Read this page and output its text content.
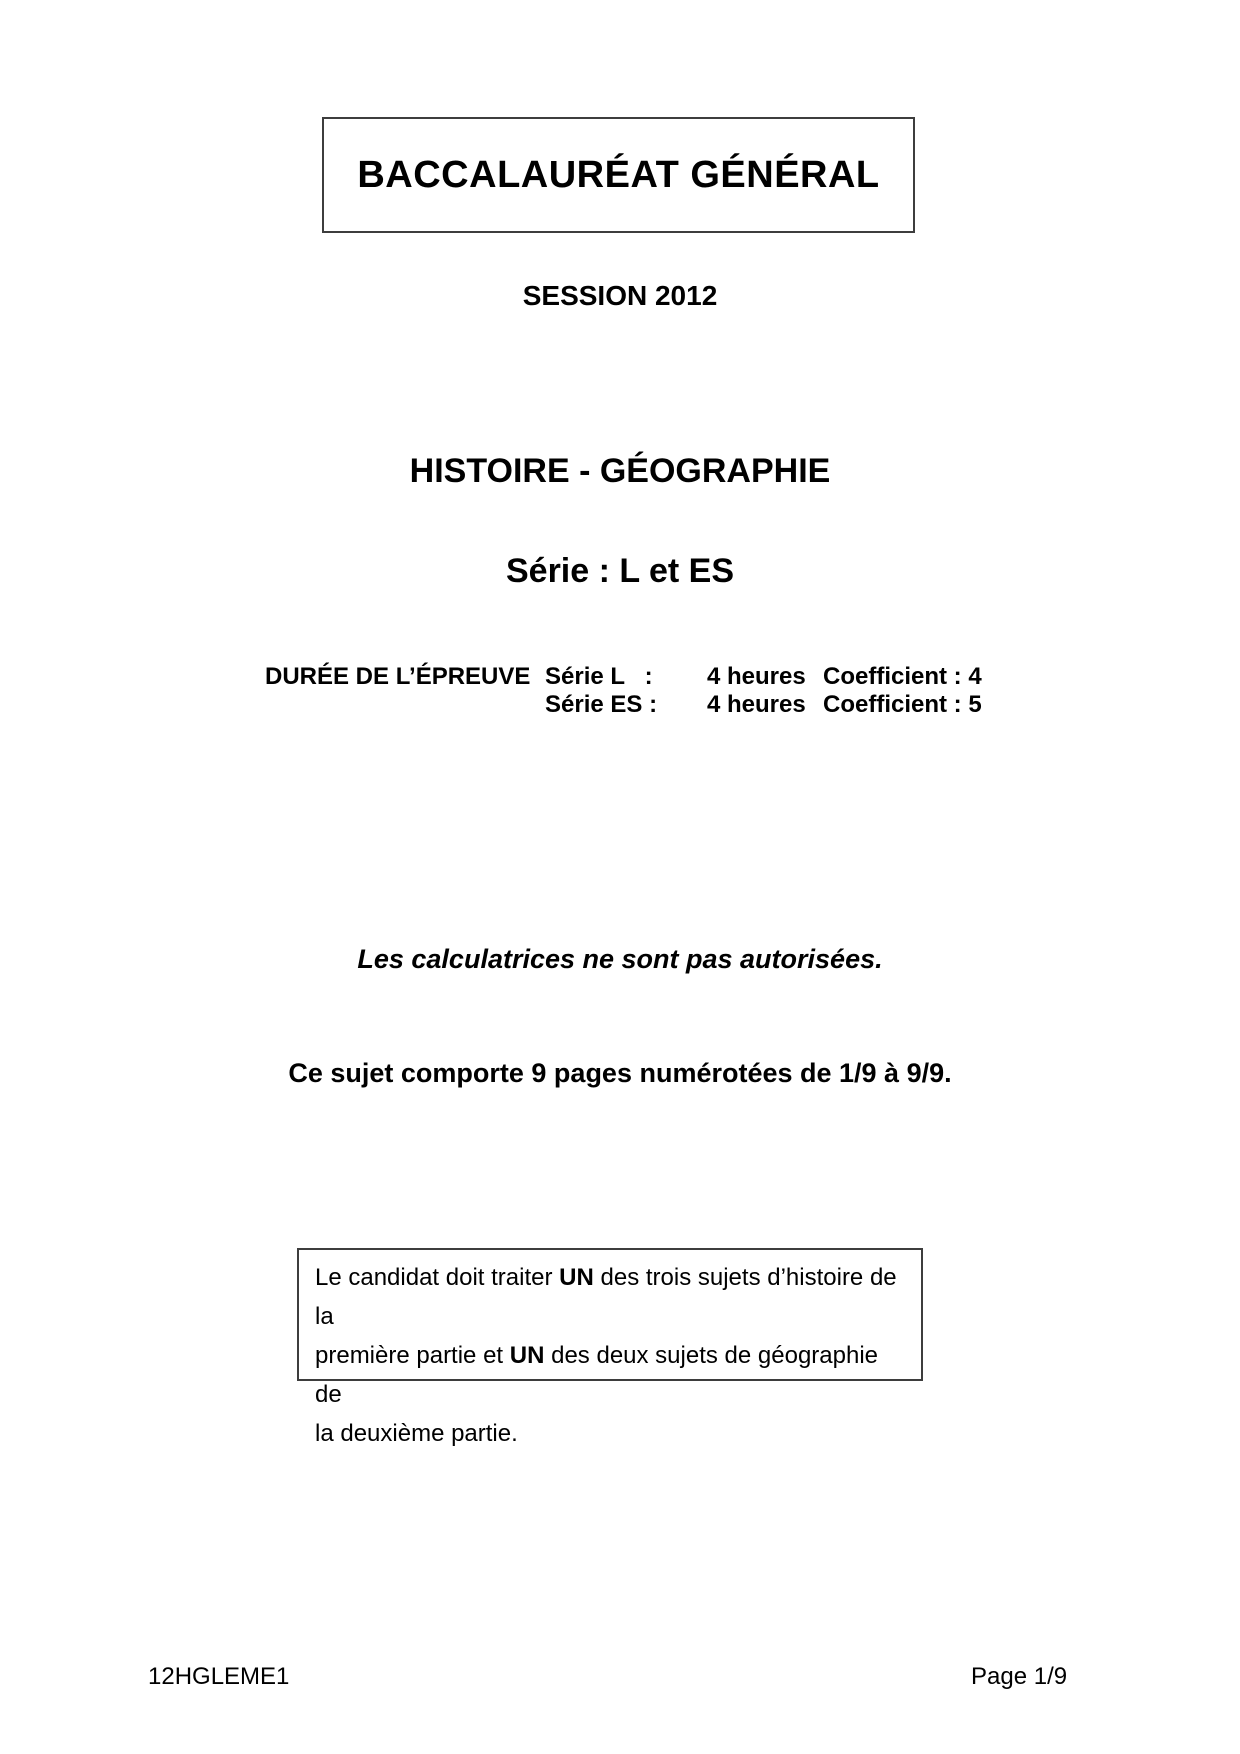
BACCALAURÉAT GÉNÉRAL
SESSION 2012
HISTOIRE - GÉOGRAPHIE
Série : L et ES
DURÉE DE L’ÉPREUVE Série L   :	4 heures Coefficient : 4
Série ES :	4 heures Coefficient : 5
Les calculatrices ne sont pas autorisées.
Ce sujet comporte 9 pages numérotées de 1/9 à 9/9.
Le candidat doit traiter UN des trois sujets d’histoire de la
première partie et UN des deux sujets de géographie  de
la deuxième partie.
12HGLEME1	Page 1/9
